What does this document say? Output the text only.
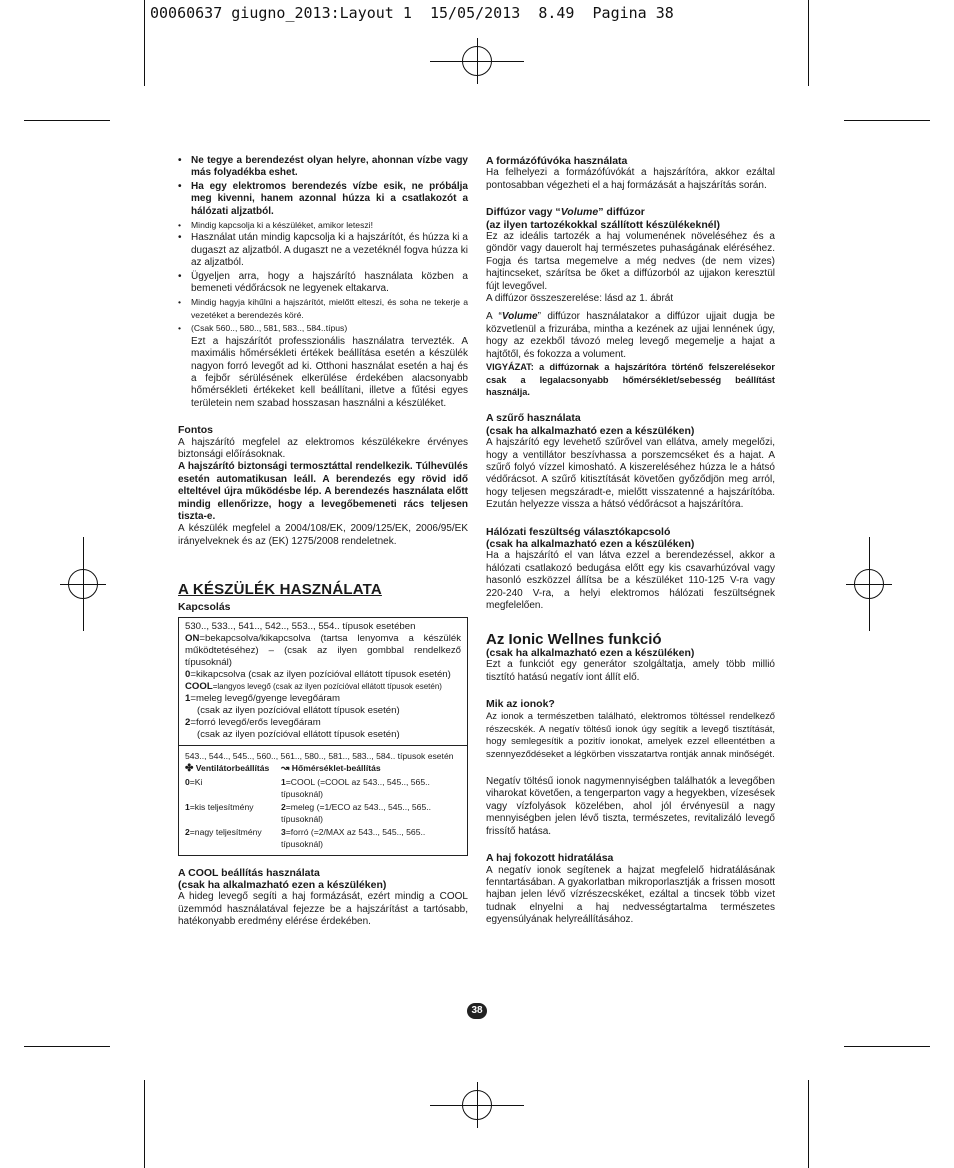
00060637 giugno_2013:Layout 1  15/05/2013  8.49  Pagina 38
• Ne tegye a berendezést olyan helyre, ahonnan vízbe vagy más folyadékba eshet.
• Ha egy elektromos berendezés vízbe esik, ne próbálja meg kivenni, hanem azonnal húzza ki a csatlakozót a hálózati aljzatból.
• Mindig kapcsolja ki a készüléket, amikor leteszi!
• Használat után mindig kapcsolja ki a hajszárítót, és húzza ki a dugaszt az aljzatból. A dugaszt ne a vezetéknél fogva húzza ki az aljzatból.
• Ügyeljen arra, hogy a hajszárító használata közben a bemeneti védőrácsok ne legyenek eltakarva.
• Mindig hagyja kihűlni a hajszárítót, mielőtt elteszi, és soha ne tekerje a vezetéket a berendezés köré.
• (Csak 560.., 580.., 581, 583.., 584..típus)

Ezt a hajszárítót professzionális használatra tervezték. A maximális hőmérsékleti értékek beállítása esetén a készülék nagyon forró levegőt ad ki. Otthoni használat esetén a haj és a fejbőr sérülésének elkerülése érdekében alacsonyabb hőmérsékleti értékeket kell beállítani, illetve a fűtési egyes területein nem szabad hosszasan használni a készüléket.

Fontos

A hajszárító megfelel az elektromos készülékekre érvényes biztonsági előírásoknak.

A hajszárító biztonsági termosztáttal rendelkezik. Túlhevülés esetén automatikusan leáll. A berendezés egy rövid idő elteltével újra működésbe lép. A berendezés használata előtt mindig ellenőrizze, hogy a levegőbemeneti rács teljesen tiszta-e.

A készülék megfelel a 2004/108/EK, 2009/125/EK, 2006/95/EK irányelveknek és az (EK) 1275/2008 rendeletnek.

A KÉSZÜLÉK HASZNÁLATA

Kapcsolás

530.., 533.., 541.., 542.., 553.., 554.. típusok esetében

ON=bekapcsolva/kikapcsolva (tartsa lenyomva a készülék működtetéséhez) – (csak az ilyen gombbal rendelkező típusoknál)

0=kikapcsolva (csak az ilyen pozícióval ellátott típusok esetén)
COOL=langyos levegő (csak az ilyen pozícióval ellátott típusok esetén)
1=meleg levegő/gyenge levegőáram
(csak az ilyen pozícióval ellátott típusok esetén)
2=forró levegő/erős levegőáram
(csak az ilyen pozícióval ellátott típusok esetén)
543.., 544.., 545.., 560.., 561.., 580.., 581.., 583.., 584.. típusok esetén
✤ Ventilátorbeállítás	↝ Hőmérséklet-beállítás
0=Ki	1=COOL (=COOL az 543.., 545.., 565.. típusoknál)
1=kis teljesítmény	2=meleg (=1/ECO az 543.., 545.., 565.. típusoknál)
2=nagy teljesítmény	3=forró (=2/MAX az 543.., 545.., 565.. típusoknál)

A COOL beállítás használata

(csak ha alkalmazható ezen a készüléken)

A hideg levegő segíti a haj formázását, ezért mindig a COOL üzemmód használatával fejezze be a hajszárítást a tartósabb, hatékonyabb eredmény elérése érdekében.

A formázófúvóka használata

Ha felhelyezi a formázófúvókát a hajszárítóra, akkor ezáltal pontosabban végezheti el a haj formázását a hajszárítás során.

Diffúzor vagy “Volume” diffúzor

(az ilyen tartozékokkal szállított készülékeknél)

Ez az ideális tartozék a haj volumenének növeléséhez és a göndör vagy dauerolt haj természetes puhaságának eléréséhez. Fogja és tartsa megemelve a még nedves (de nem vizes) hajtincseket, szárítsa be őket a diffúzorból az ujjakon keresztül fújt levegővel.

A diffúzor összeszerelése: lásd az 1. ábrát

A “Volume” diffúzor használatakor a diffúzor ujjait dugja be közvetlenül a frizurába, mintha a kezének az ujjai lennének úgy, hogy az ezekből távozó meleg levegő megemelje a hajat a hajtőtől, és fokozza a volument.

VIGYÁZAT: a diffúzornak a hajszárítóra történő felszerelésekor csak a legalacsonyabb hőmérséklet/sebesség beállítást használja.

A szűrő használata

(csak ha alkalmazható ezen a készüléken)

A hajszárító egy levehető szűrővel van ellátva, amely megelőzi, hogy a ventillátor beszívhassa a porszemcséket és a hajat. A szűrő folyó vízzel kimosható. A kiszereléséhez húzza le a hátsó védőrácsot. A szűrő kitisztítását követően győződjön meg arról, hogy teljesen megszáradt-e, mielőtt visszatenné a hajszárítóba. Ezután helyezze vissza a hátsó védőrácsot a hajszárítóra.

Hálózati feszültség választókapcsoló

(csak ha alkalmazható ezen a készüléken)

Ha a hajszárító el van látva ezzel a berendezéssel, akkor a hálózati csatlakozó bedugása előtt egy kis csavarhúzóval vagy hasonló eszközzel állítsa be a készüléket 110-125 V-ra vagy 220-240 V-ra, a helyi elektromos hálózati feszültségnek megfelelően.

Az Ionic Wellnes funkció

(csak ha alkalmazható ezen a készüléken)

Ezt a funkciót egy generátor szolgáltatja, amely több millió tisztító hatású negatív iont állít elő.

Mik az ionok?

Az ionok a természetben található, elektromos töltéssel rendelkező részecskék. A negatív töltésű ionok úgy segítik a levegő tisztítását, hogy semlegesítik a pozitív ionokat, amelyek ezzel elleentétben a szennyeződéseket a légkörben visszatartva rontják annak minőségét.

Negatív töltésű ionok nagymennyiségben találhatók a levegőben viharokat követően, a tengerparton vagy a hegyekben, vízesések vagy vízfolyások közelében, ahol jól érvényesül a nagy mennyiségben jelen lévő tiszta, természetes, revitalizáló levegő frissítő hatása.

A haj fokozott hidratálása

A negatív ionok segítenek a hajzat megfelelő hidratálásának fenntartásában. A gyakorlatban mikroporlasztják a frissen mosott hajban jelen lévő vízrészecskéket, ezáltal a tincsek több vizet tudnak elnyelni a haj nedvességtartalma természetes egyensúlyának helyreállításához.

38
